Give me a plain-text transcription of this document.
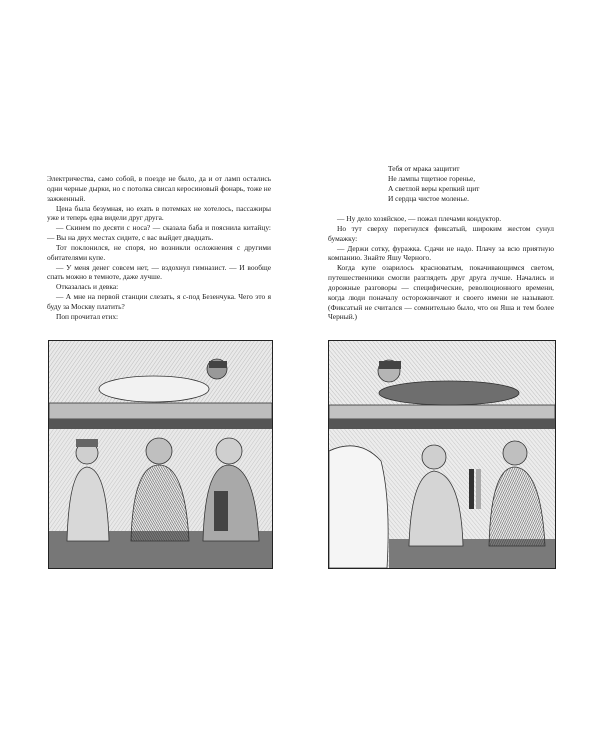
Электричества, само собой, в поезде не было, да и от ламп остались одни черные дырки, но с потолка свисал керосиновый фонарь, тоже не зажженный.

Цена была безумная, но ехать в потемках не хотелось, пассажиры уже и теперь едва видели друг друга.

— Скинем по десяти с носа? — сказала баба и пояснила китайцу: — Вы на двух местах сидите, с вас выйдет двадцать.

Тот поклонился, не споря, но возникли осложнения с другими обитателями купе.

— У меня денег совсем нет, — вздохнул гимназист. — И вообще спать можно в темноте, даже лучше.

Отказалась и девка:

— А мне на первой станции слезать, я с-под Безенчука. Чего это я буду за Москву платить?

Поп прочитал етих:

Тебя от мрака защитит
Не лампы тщетное горенье,
А светлой веры крепкий щит
И сердца чистое моленье.

— Ну дело хозяйское, — пожал плечами кондуктор.

Но тут сверху перегнулся фиксатый, широким жестом сунул бумажку:

— Держи сотку, фуражка. Сдачи не надо. Плачу за всю приятную компанию. Знайте Яшу Черного.

Когда купе озарилось красноватым, покачивающимся светом, путешественники смогли разглядеть друг друга лучше. Начались и дорожные разговоры — специфические, революционного времени, когда люди поначалу осторожничают и своего имени не называют. (Фиксатый не считался — сомнительно было, что он Яша и тем более Черный.)
